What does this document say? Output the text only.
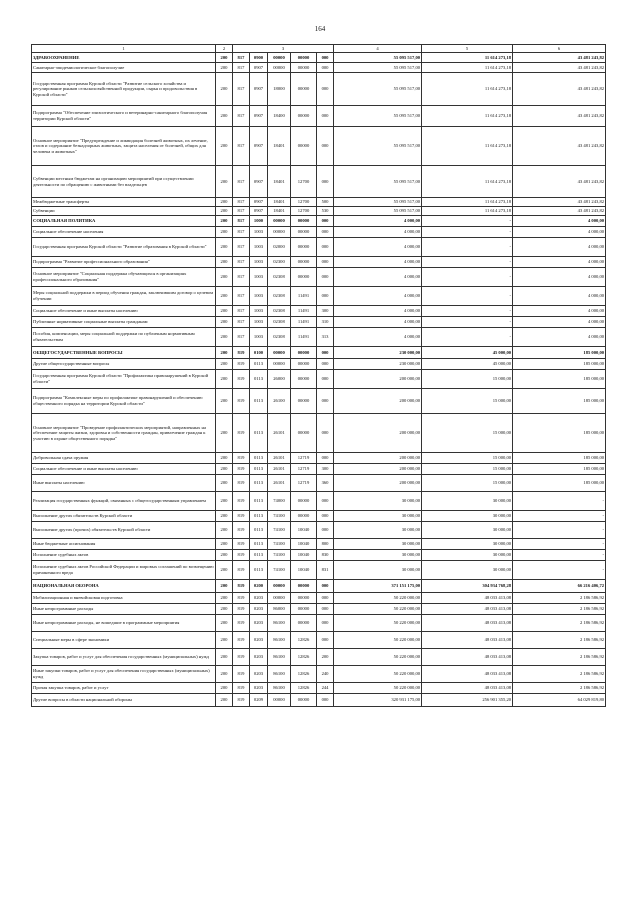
164
1	2	3					4	5	6
ЗДРАВООХРАНЕНИЕ	200	817	0900	00000	00000	000	55 095 517,00	11 614 273,18	43 481 243,82
Санитарно-эпидемиологическое благополучие	200	817	0907	00000	00000	000	55 095 517,00	11 614 273,18	43 481 243,82
Государственная программа Курской области "Развитие сельского хозяйства и регулирование рынков сельскохозяйственной продукции, сырья и продовольствия в Курской области"	200	817	0907	18000	00000	000	55 095 517,00	11 614 273,18	43 481 243,82
Подпрограмма "Обеспечение эпизоотического и ветеринарно-санитарного благополучия территории Курской области"	200	817	0907	18400	00000	000	55 095 517,00	11 614 273,18	43 481 243,82
Основное мероприятие "Предупреждение и ликвидация болезней животных, их лечение, отлов и содержание безнадзорных животных, защита населения от болезней, общих для человека и животных"	200	817	0907	18401	00000	000	55 095 517,00	11 614 273,18	43 481 243,82
Субвенции местным бюджетам на организацию мероприятий при осуществлении деятельности по обращению с животными без владельцев	200	817	0907	18401	12700	000	55 095 517,00	11 614 273,18	43 481 243,82
Межбюджетные трансферты	200	817	0907	18401	12700	500	55 095 517,00	11 614 273,18	43 481 243,82
Субвенции	200	817	0907	18401	12700	530	55 095 517,00	11 614 273,18	43 481 243,82
СОЦИАЛЬНАЯ ПОЛИТИКА	200	817	1000	00000	00000	000	4 000,00	-	4 000,00
Социальное обеспечение населения	200	817	1003	00000	00000	000	4 000,00	-	4 000,00
Государственная программа Курской области "Развитие образования в Курской области"	200	817	1003	02000	00000	000	4 000,00	-	4 000,00
Подпрограмма "Развитие профессионального образования"	200	817	1003	02300	00000	000	4 000,00	-	4 000,00
Основное мероприятие "Социальная поддержка обучающихся в организациях профессионального образования"	200	817	1003	02308	00000	000	4 000,00	-	4 000,00
Меры социальной поддержки в период обучения граждан, заключившим договор о целевом обучении	200	817	1003	02308	11491	000	4 000,00	-	4 000,00
Социальное обеспечение и иные выплаты населению	200	817	1003	02308	11491	300	4 000,00	-	4 000,00
Публичные нормативные социальные выплаты гражданам	200	817	1003	02308	11491	310	4 000,00	-	4 000,00
Пособия, компенсации, меры социальной поддержки по публичным нормативным обязательствам	200	817	1003	02308	11491	313	4 000,00	-	4 000,00
ОБЩЕГОСУДАРСТВЕННЫЕ ВОПРОСЫ	200	819	0100	00000	00000	000	230 000,00	45 000,00	185 000,00
Другие общегосударственные вопросы	200	819	0113	00000	00000	000	230 000,00	45 000,00	185 000,00
Государственная программа Курской области "Профилактика правонарушений в Курской области"	200	819	0113	26000	00000	000	200 000,00	15 000,00	185 000,00
Подпрограмма "Комплексные меры по профилактике правонарушений и обеспечению общественного порядка на территории Курской области"	200	819	0113	26100	00000	000	200 000,00	15 000,00	185 000,00
Основное мероприятие "Проведение профилактических мероприятий, направленных на обеспечение защиты жизни, здоровья и собственности граждан, привлечение граждан к участию в охране общественного порядка"	200	819	0113	26101	00000	000	200 000,00	15 000,00	185 000,00
Добровольная сдача оружия	200	819	0113	26101	12719	000	200 000,00	15 000,00	185 000,00
Социальное обеспечение и иные выплаты населению	200	819	0113	26101	12719	300	200 000,00	15 000,00	185 000,00
Иные выплаты населению	200	819	0113	26101	12719	360	200 000,00	15 000,00	185 000,00
Реализация государственных функций, связанных с общегосударственным управлением	200	819	0113	74000	00000	000	30 000,00	30 000,00	-
Выполнение других обязательств Курской области	200	819	0113	74100	00000	000	30 000,00	30 000,00	-
Выполнение других (прочих) обязательств Курской области	200	819	0113	74100	10040	000	30 000,00	30 000,00	-
Иные бюджетные ассигнования	200	819	0113	74100	10040	800	30 000,00	30 000,00	-
Исполнение судебных актов	200	819	0113	74100	10040	830	30 000,00	30 000,00	-
Исполнение судебных актов Российской Федерации и мировых соглашений по возмещению причиненного вреда	200	819	0113	74100	10040	831	30 000,00	30 000,00	-
НАЦИОНАЛЬНАЯ ОБОРОНА	200	819	0200	00000	00000	000	371 151 175,00	304 934 768,28	66 216 406,72
Мобилизационная и вневойсковая подготовка	200	819	0203	00000	00000	000	50 220 000,00	48 033 413,08	2 186 586,92
Иные непрограммные расходы	200	819	0203	86000	00000	000	50 220 000,00	48 033 413,08	2 186 586,92
Иные непрограммные расходы, не вошедшие в программные мероприятия	200	819	0203	86100	00000	000	50 220 000,00	48 033 413,08	2 186 586,92
Специальные меры в сфере экономики	200	819	0203	86100	12826	000	50 220 000,00	48 033 413,08	2 186 586,92
Закупка товаров, работ и услуг для обеспечения государственных (муниципальных) нужд	200	819	0203	86100	12826	200	50 220 000,00	48 033 413,08	2 186 586,92
Иные закупки товаров, работ и услуг для обеспечения государственных (муниципальных) нужд	200	819	0203	86100	12826	240	50 220 000,00	48 033 413,08	2 186 586,92
Прочая закупка товаров, работ и услуг	200	819	0203	86100	12826	244	50 220 000,00	48 033 413,08	2 186 586,92
Другие вопросы в области национальной обороны	200	819	0209	00000	00000	000	320 931 175,00	256 901 355,20	64 029 819,80
